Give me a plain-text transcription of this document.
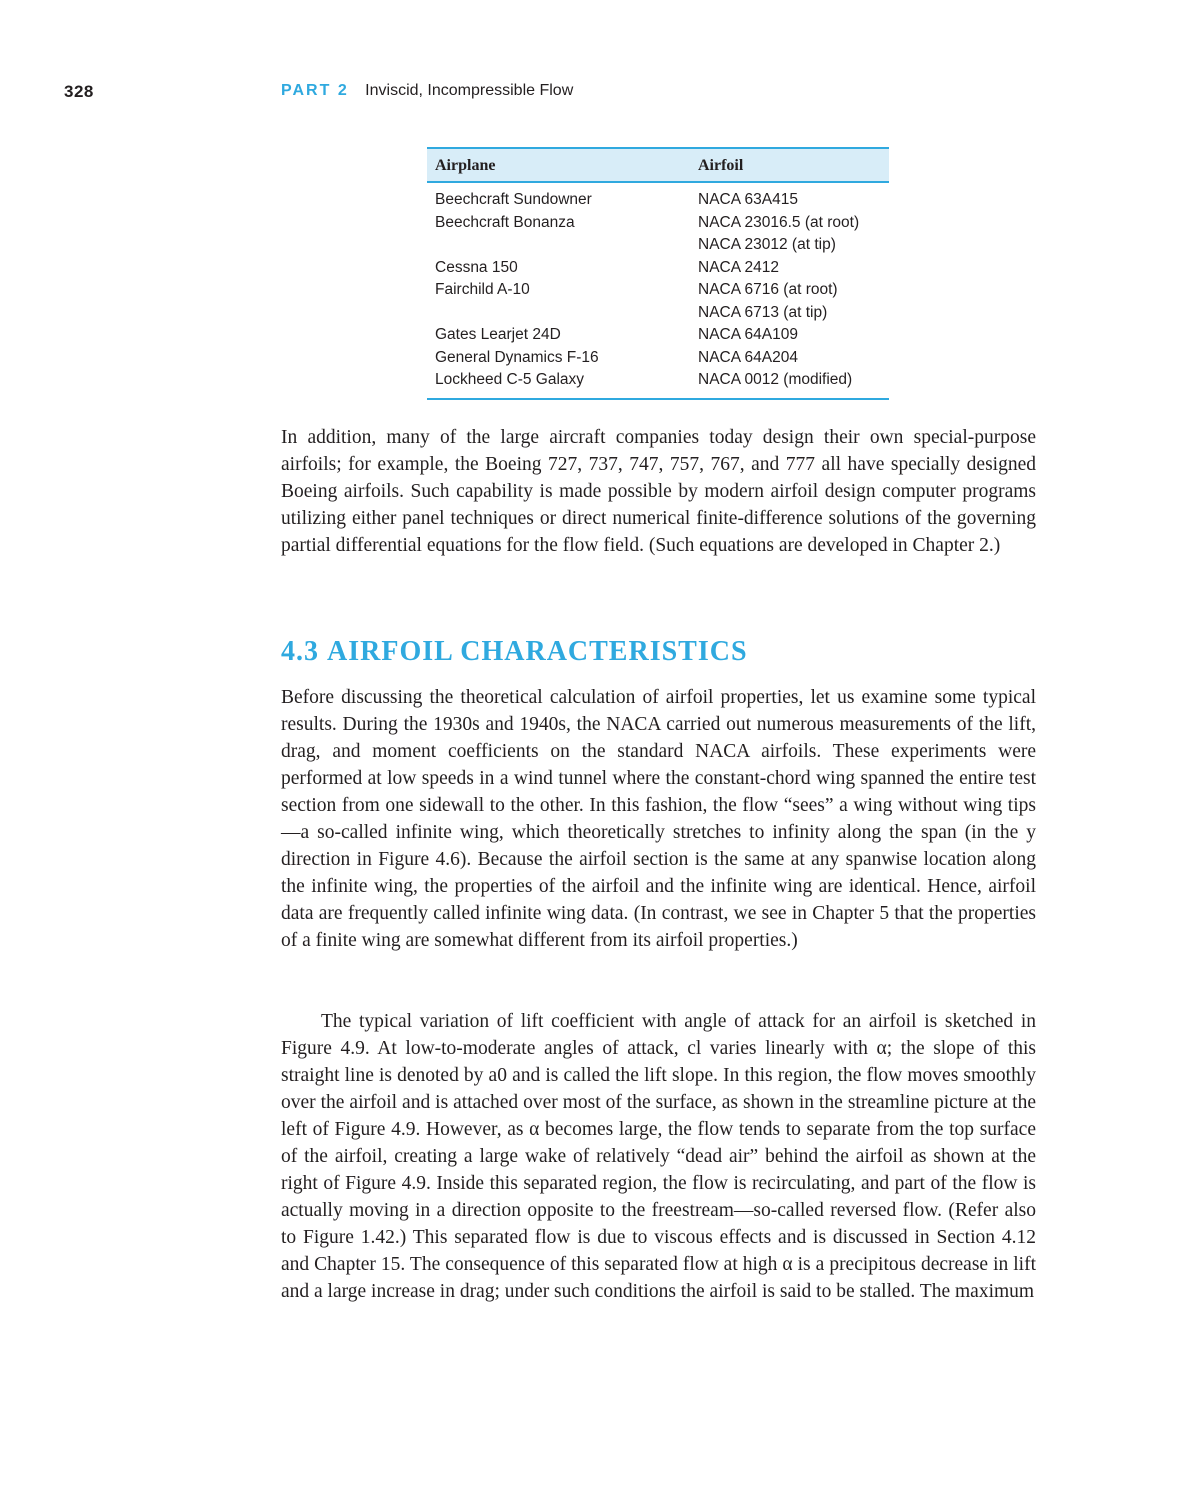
328	PART 2 Inviscid, Incompressible Flow
Airplane	Airfoil
Beechcraft Sundowner	NACA 63A415
Beechcraft Bonanza	NACA 23016.5 (at root)
	NACA 23012 (at tip)
Cessna 150	NACA 2412
Fairchild A-10	NACA 6716 (at root)
	NACA 6713 (at tip)
Gates Learjet 24D	NACA 64A109
General Dynamics F-16	NACA 64A204
Lockheed C-5 Galaxy	NACA 0012 (modified)

In addition, many of the large aircraft companies today design their own special-purpose airfoils; for example, the Boeing 727, 737, 747, 757, 767, and 777 all have specially designed Boeing airfoils. Such capability is made possible by modern airfoil design computer programs utilizing either panel techniques or direct numerical finite-difference solutions of the governing partial differential equations for the flow field. (Such equations are developed in Chapter 2.)

4.3 AIRFOIL CHARACTERISTICS

Before discussing the theoretical calculation of airfoil properties, let us examine some typical results. During the 1930s and 1940s, the NACA carried out numerous measurements of the lift, drag, and moment coefficients on the standard NACA airfoils. These experiments were performed at low speeds in a wind tunnel where the constant-chord wing spanned the entire test section from one sidewall to the other. In this fashion, the flow “sees” a wing without wing tips—a so-called infinite wing, which theoretically stretches to infinity along the span (in the y direction in Figure 4.6). Because the airfoil section is the same at any spanwise location along the infinite wing, the properties of the airfoil and the infinite wing are identical. Hence, airfoil data are frequently called infinite wing data. (In contrast, we see in Chapter 5 that the properties of a finite wing are somewhat different from its airfoil properties.)

The typical variation of lift coefficient with angle of attack for an airfoil is sketched in Figure 4.9. At low-to-moderate angles of attack, cl varies linearly with α; the slope of this straight line is denoted by a0 and is called the lift slope. In this region, the flow moves smoothly over the airfoil and is attached over most of the surface, as shown in the streamline picture at the left of Figure 4.9. However, as α becomes large, the flow tends to separate from the top surface of the airfoil, creating a large wake of relatively “dead air” behind the airfoil as shown at the right of Figure 4.9. Inside this separated region, the flow is recirculating, and part of the flow is actually moving in a direction opposite to the freestream—so-called reversed flow. (Refer also to Figure 1.42.) This separated flow is due to viscous effects and is discussed in Section 4.12 and Chapter 15. The consequence of this separated flow at high α is a precipitous decrease in lift and a large increase in drag; under such conditions the airfoil is said to be stalled. The maximum
